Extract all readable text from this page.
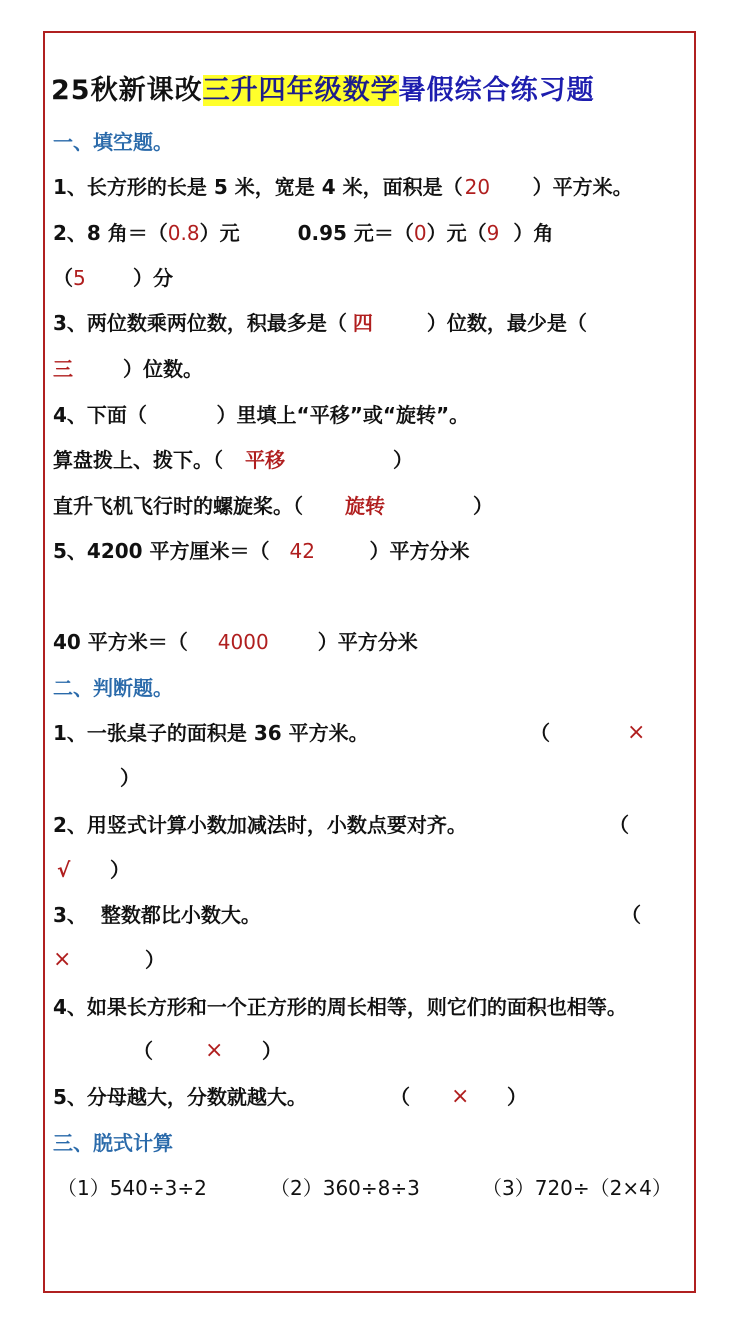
25秋新课改三升四年级数学暑假综合练习题
一、填空题。
1、长方形的长是 5 米，宽是 4 米，面积是（ 20 ）平方米。
2、8 角＝（0.8）元	0.95 元＝（0）元（9 ）角
（5 ）分
3、两位数乘两位数，积最多是（ 四	）位数，最少是（
三	）位数。
4、下面（          ）里填上“平移”或“旋转”。
算盘拨上、拨下。（ 平移	）
直升飞机飞行时的螺旋桨。（ 旋转	）
5、4200 平方厘米＝（ 42	）平方分米
40 平方米＝（ 4000 ）平方分米
二、判断题。
1、一张桌子的面积是 36 平方米。	（	×
）
2、用竖式计算小数加减法时，小数点要对齐。	（
√ ）
3、  整数都比小数大。	（
×	）
4、如果长方形和一个正方形的周长相等，则它们的面积也相等。
（ × ）
5、分母越大，分数就越大。	（ × ）
三、脱式计算
（1）540÷3÷2	（2）360÷8÷3	（3）720÷（2×4）
